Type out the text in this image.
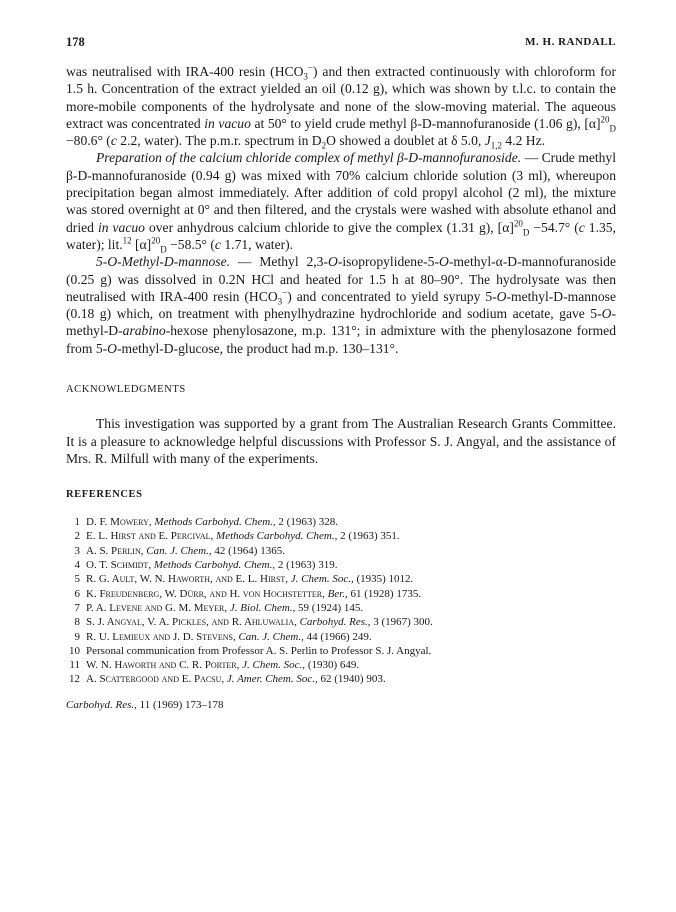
178	M. H. RANDALL

was neutralised with IRA-400 resin $(HCO_3^-)$ and then extracted continuously with chloroform for 1.5 h. Concentration of the extract yielded an oil (0.12 g), which was shown by t.l.c. to contain the more-mobile components of the hydrolysate and none of the slow-moving material. The aqueous extract was concentrated in vacuo at 50° to yield crude methyl β-D-mannofuranoside (1.06 g), $[\alpha]^{20}_D -80.6^\circ$ (c 2.2, water). The p.m.r. spectrum in $D_2O$ showed a doublet at δ 5.0, $J_{1,2}$ 4.2 Hz.

Preparation of the calcium chloride complex of methyl β-D-mannofuranoside. — Crude methyl β-D-mannofuranoside (0.94 g) was mixed with 70% calcium chloride solution (3 ml), whereupon precipitation began almost immediately. After addition of cold propyl alcohol (2 ml), the mixture was stored overnight at 0° and then filtered, and the crystals were washed with absolute ethanol and dried in vacuo over anhydrous calcium chloride to give the complex (1.31 g), $[\alpha]^{20}_D -54.7^\circ$ (c 1.35, water); lit.$^{12}$ $[\alpha]^{20}_D -58.5^\circ$ (c 1.71, water).

5-O-Methyl-D-mannose. — Methyl 2,3-O-isopropylidene-5-O-methyl-α-D-mannofuranoside (0.25 g) was dissolved in 0.2N HCl and heated for 1.5 h at 80–90°. The hydrolysate was then neutralised with IRA-400 resin $(HCO_3^-)$ and concentrated to yield syrupy 5-O-methyl-D-mannose (0.18 g) which, on treatment with phenylhydrazine hydrochloride and sodium acetate, gave 5-O-methyl-D-arabino-hexose phenylosazone, m.p. 131°; in admixture with the phenylosazone formed from 5-O-methyl-D-glucose, the product had m.p. 130–131°.

ACKNOWLEDGMENTS

This investigation was supported by a grant from The Australian Research Grants Committee. It is a pleasure to acknowledge helpful discussions with Professor S. J. Angyal, and the assistance of Mrs. R. Milfull with many of the experiments.

REFERENCES
1 D. F. Mowery, Methods Carbohyd. Chem., 2 (1963) 328.
2 E. L. Hirst and E. Percival, Methods Carbohyd. Chem., 2 (1963) 351.
3 A. S. Perlin, Can. J. Chem., 42 (1964) 1365.
4 O. T. Schmidt, Methods Carbohyd. Chem., 2 (1963) 319.
5 R. G. Ault, W. N. Haworth, and E. L. Hirst, J. Chem. Soc., (1935) 1012.
6 K. Freudenberg, W. Dürr, and H. von Hochstetter, Ber., 61 (1928) 1735.
7 P. A. Levene and G. M. Meyer, J. Biol. Chem., 59 (1924) 145.
8 S. J. Angyal, V. A. Pickles, and R. Ahluwalia, Carbohyd. Res., 3 (1967) 300.
9 R. U. Lemieux and J. D. Stevens, Can. J. Chem., 44 (1966) 249.
10 Personal communication from Professor A. S. Perlin to Professor S. J. Angyal.
11 W. N. Haworth and C. R. Porter, J. Chem. Soc., (1930) 649.
12 A. Scattergood and E. Pacsu, J. Amer. Chem. Soc., 62 (1940) 903.
Carbohyd. Res., 11 (1969) 173–178
